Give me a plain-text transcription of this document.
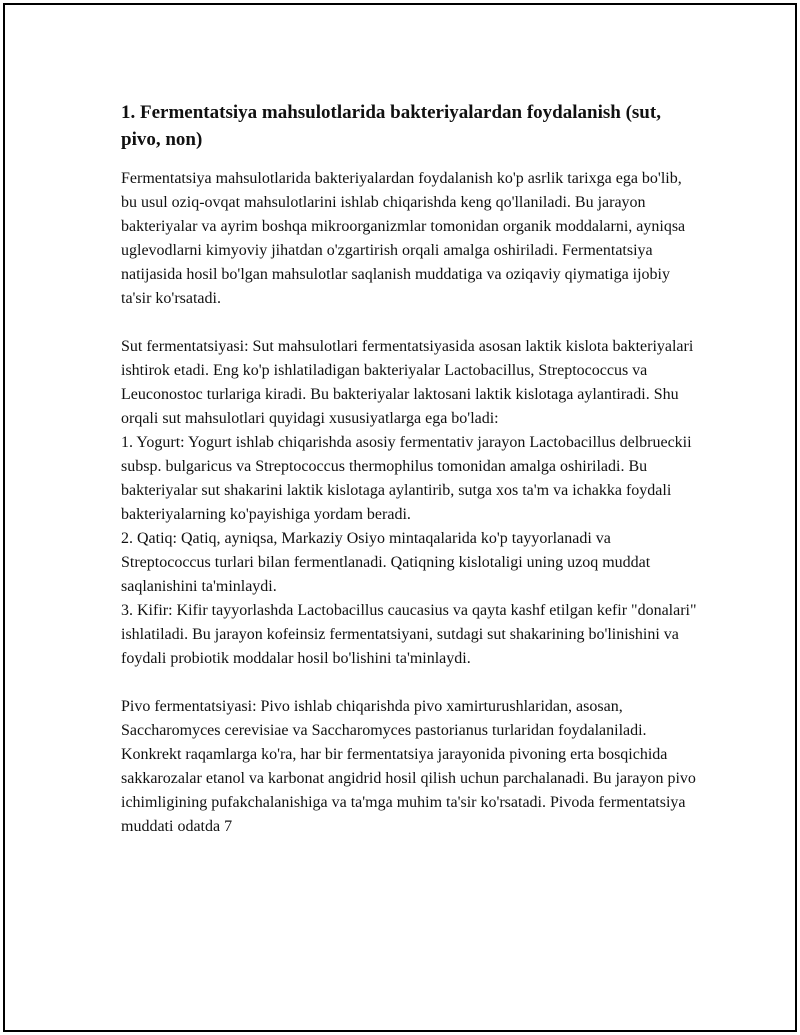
1. Fermentatsiya mahsulotlarida bakteriyalardan foydalanish (sut, pivo, non)

Fermentatsiya mahsulotlarida bakteriyalardan foydalanish ko'p asrlik tarixga ega bo'lib, bu usul oziq-ovqat mahsulotlarini ishlab chiqarishda keng qo'llaniladi. Bu jarayon bakteriyalar va ayrim boshqa mikroorganizmlar tomonidan organik moddalarni, ayniqsa uglevodlarni kimyoviy jihatdan o'zgartirish orqali amalga oshiriladi. Fermentatsiya natijasida hosil bo'lgan mahsulotlar saqlanish muddatiga va oziqaviy qiymatiga ijobiy ta'sir ko'rsatadi.

Sut fermentatsiyasi: Sut mahsulotlari fermentatsiyasida asosan laktik kislota bakteriyalari ishtirok etadi. Eng ko'p ishlatiladigan bakteriyalar Lactobacillus, Streptococcus va Leuconostoc turlariga kiradi. Bu bakteriyalar laktosani laktik kislotaga aylantiradi. Shu orqali sut mahsulotlari quyidagi xususiyatlarga ega bo'ladi:

1. Yogurt: Yogurt ishlab chiqarishda asosiy fermentativ jarayon Lactobacillus delbrueckii subsp. bulgaricus va Streptococcus thermophilus tomonidan amalga oshiriladi. Bu bakteriyalar sut shakarini laktik kislotaga aylantirib, sutga xos ta'm va ichakka foydali bakteriyalarning ko'payishiga yordam beradi.

2. Qatiq: Qatiq, ayniqsa, Markaziy Osiyo mintaqalarida ko'p tayyorlanadi va Streptococcus turlari bilan fermentlanadi. Qatiqning kislotaligi uning uzoq muddat saqlanishini ta'minlaydi.

3. Kifir: Kifir tayyorlashda Lactobacillus caucasius va qayta kashf etilgan kefir "donalari" ishlatiladi. Bu jarayon kofeinsiz fermentatsiyani, sutdagi sut shakarining bo'linishini va foydali probiotik moddalar hosil bo'lishini ta'minlaydi.

Pivo fermentatsiyasi: Pivo ishlab chiqarishda pivo xamirturushlaridan, asosan, Saccharomyces cerevisiae va Saccharomyces pastorianus turlaridan foydalaniladi. Konkrekt raqamlarga ko'ra, har bir fermentatsiya jarayonida pivoning erta bosqichida sakkarozalar etanol va karbonat angidrid hosil qilish uchun parchalanadi. Bu jarayon pivo ichimligining pufakchalanishiga va ta'mga muhim ta'sir ko'rsatadi. Pivoda fermentatsiya muddati odatda 7
